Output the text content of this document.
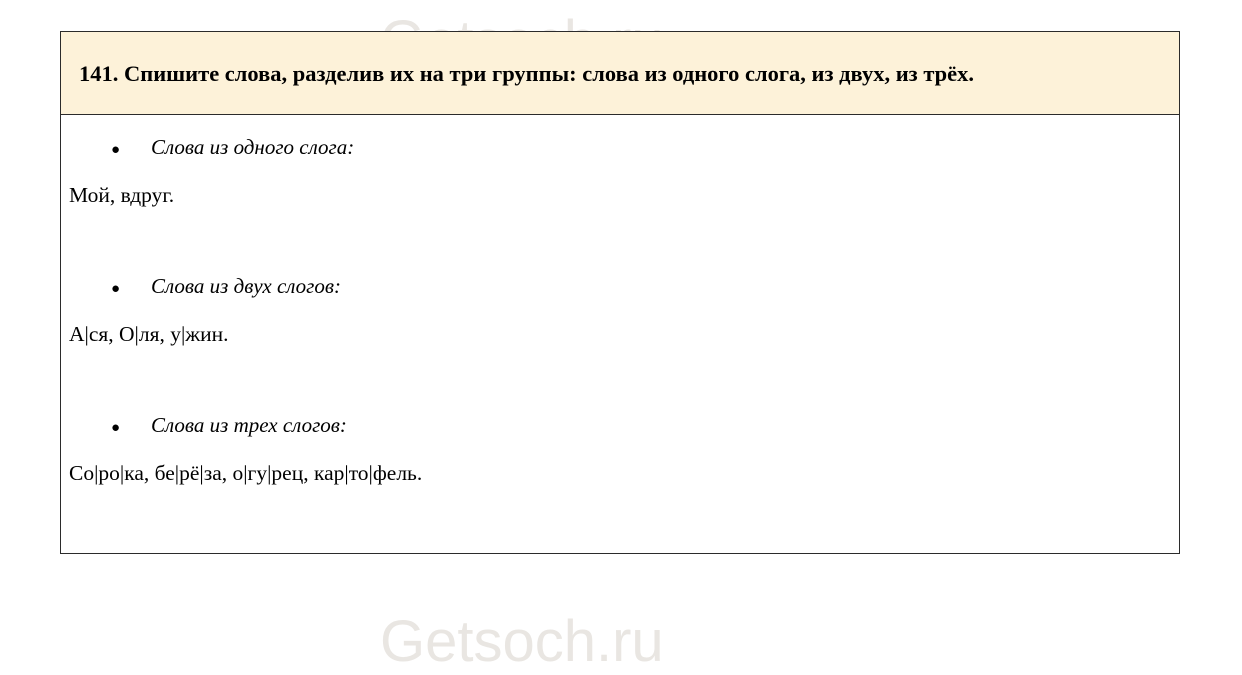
Getsoch.ru
141. Спишите слова, разделив их на три группы: слова из одного слога, из двух, из трёх.
●	Слова из одного слога:
Мой, вдруг.
●	Слова из двух слогов:
А|ся, О|ля, у|жин.
●	Слова из трех слогов:
Со|ро|ка, бе|рё|за, о|гу|рец, кар|то|фель.
